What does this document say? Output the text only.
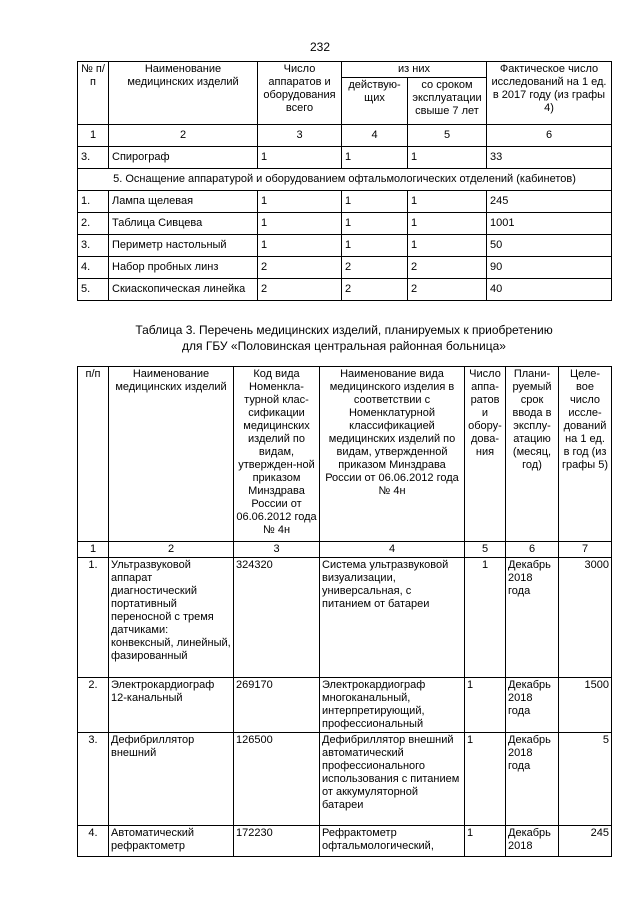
232
№ п/п	Наименование медицинских изделий	Число аппаратов и оборудования всего	из них		Фактическое число исследований на 1 ед. в 2017 году (из графы 4)
			действую-щих	со сроком эксплуатации свыше 7 лет	
1	2	3	4	5	6
3.	Спирограф	1	1	1	33
5. Оснащение аппаратурой и оборудованием офтальмологических отделений (кабинетов)					
1.	Лампа щелевая	1	1	1	245
2.	Таблица Сивцева	1	1	1	1001
3.	Периметр настольный	1	1	1	50
4.	Набор пробных линз	2	2	2	90
5.	Скиаскопическая линейка	2	2	2	40
Таблица 3. Перечень медицинских изделий, планируемых к приобретению
для ГБУ «Половинская центральная районная больница»
п/п	Наименование медицинских изделий	Код вида Номенкла-турной клас-сификации медицинских изделий по видам, утвержден-ной приказом Минздрава России от 06.06.2012 года № 4н	Наименование вида медицинского изделия в соответствии с Номенклатурной классификацией медицинских изделий по видам, утвержденной приказом Минздрава России от 06.06.2012 года № 4н	Число аппа-ратов и обору-дова-ния	Плани-руемый срок ввода в эксплу-атацию (месяц, год)	Целе-вое число иссле-дований на 1 ед. в год (из графы 5)
1	2	3	4	5	6	7
1.	Ультразвуковой аппарат диагностический портативный переносной с тремя датчиками: конвексный, линейный, фазированный	324320	Система ультразвуковой визуализации, универсальная, с питанием от батареи	1	Декабрь 2018 года	3000
2.	Электрокардиограф 12-канальный	269170	Электрокардиограф многоканальный, интерпретирующий, профессиональный	1	Декабрь 2018 года	1500
3.	Дефибриллятор внешний	126500	Дефибриллятор внешний автоматический профессионального использования с питанием от аккумуляторной батареи	1	Декабрь 2018 года	5
4.	Автоматический рефрактометр	172230	Рефрактометр офтальмологический,	1	Декабрь 2018	245
